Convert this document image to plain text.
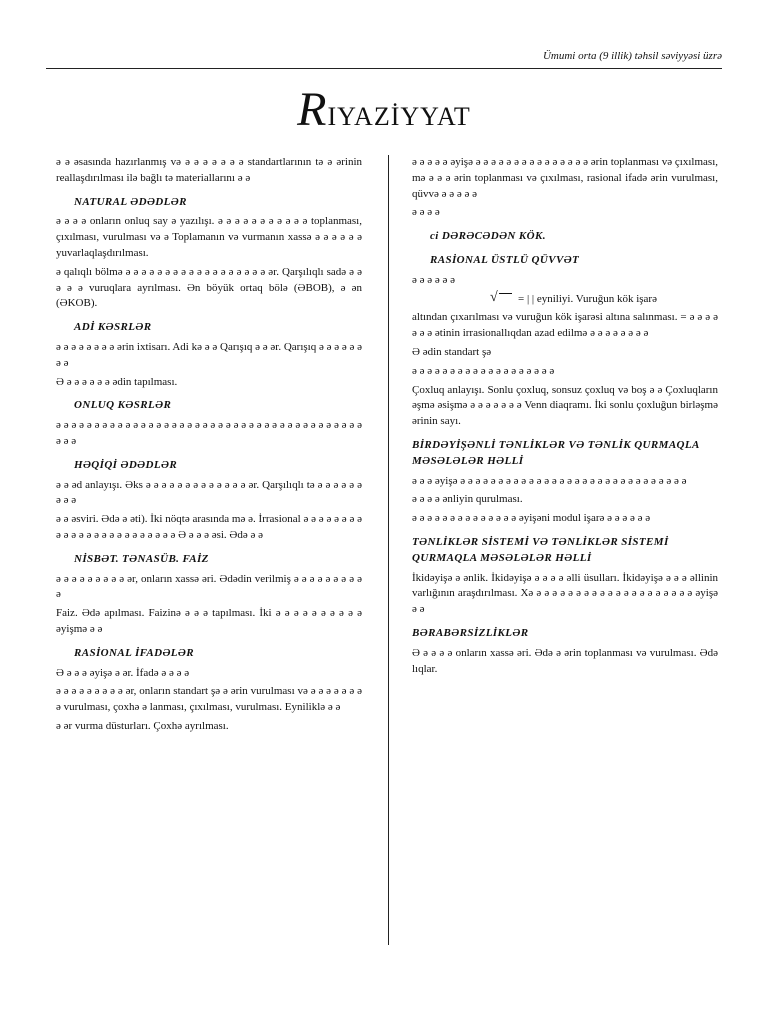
Ümumi orta (9 illik) təhsil səviyyəsi üzrə
RIYAZİYYAT

ə ə əsasında hazırlanmış və ə ə ə ə ə ə ə standartlarının tə ə ərinin reallaşdırılması ilə bağlı tə materiallarını ə ə

NATURAL ƏDƏDLƏR

ə ə ə ə onların onluq say ə yazılışı. ə ə ə ə ə ə ə ə ə ə ə toplanması, çıxılması, vurulması və ə Toplamanın və vurmanın xassə ə ə ə ə ə ə yuvarlaqlaşdırılması.

ə qalıqlı bölmə ə ə ə ə ə ə ə ə ə ə ə ə ə ə ə ə ə ə ər. Qarşılıqlı sadə ə ə ə ə ə vuruqlara ayrılması. Ən böyük ortaq bölə (ƏBOB), ə ən (ƏKOB).

ADİ KƏSRLƏR

ə ə ə ə ə ə ə ə ərin ixtisarı. Adi kə ə ə Qarışıq ə ə ər. Qarışıq ə ə ə ə ə ə ə ə

Ə ə ə ə ə ə ə ədin tapılması.

ONLUQ KƏSRLƏR

ə ə ə ə ə ə ə ə ə ə ə ə ə ə ə ə ə ə ə ə ə ə ə ə ə ə ə ə ə ə ə ə ə ə ə ə ə ə ə ə ə ə ə

HƏQİQİ ƏDƏDLƏR

ə ə əd anlayışı. Əks ə ə ə ə ə ə ə ə ə ə ə ə ə ər. Qarşılıqlı tə ə ə ə ə ə ə ə ə ə

ə ə əsviri. Ədə ə əti). İki nöqtə arasında mə ə. İrrasional ə ə ə ə ə ə ə ə ə ə ə ə ə ə ə ə ə ə ə ə ə ə ə ə Ə ə ə ə əsi. Ədə ə ə

NİSBƏT. TƏNASÜB. FAİZ

ə ə ə ə ə ə ə ə ə ər, onların xassə əri. Ədədin verilmiş ə ə ə ə ə ə ə ə ə ə

Faiz. Ədə apılması. Faizinə ə ə ə tapılması. İki ə ə ə ə ə ə ə ə ə ə əyişmə ə ə

RASİONAL İFADƏLƏR

Ə ə ə ə əyişə ə ər. İfadə ə ə ə ə

ə ə ə ə ə ə ə ə ə ər, onların standart şə ə ərin vurulması və ə ə ə ə ə ə ə ə vurulması, çoxhə ə lanması, çıxılması, vurulması. Eyniliklə ə ə

ə ər vurma düsturları. Çoxhə ayrılması.

ə ə ə ə ə əyişə ə ə ə ə ə ə ə ə ə ə ə ə ə ə ə ərin toplanması və çıxılması, mə ə ə ə ərin toplanması və çıxılması, rasional ifadə ərin vurulması, qüvvə ə ə ə ə ə

ə ə ə ə

ci DƏRƏCƏDƏN KÖK.
RASİONAL ÜSTLÜ QÜVVƏT

ə ə ə ə ə ə

√
= | | eyniliyi. Vuruğun kök işarə

altından çıxarılması və vuruğun kök işarəsi altına salınması. = ə ə ə ə ə ə ə ətinin irrasionallıqdan azad edilmə ə ə ə ə ə ə ə ə

Ə ədin standart şə

ə ə ə ə ə ə ə ə ə ə ə ə ə ə ə ə ə ə ə

Çoxluq anlayışı. Sonlu çoxluq, sonsuz çoxluq və boş ə ə Çoxluqların əşmə əsişmə ə ə ə ə ə ə ə Venn diaqramı. İki sonlu çoxluğun birləşmə ərinin sayı.

BİRDƏYİŞƏNLİ TƏNLİKLƏR VƏ TƏNLİK QURMAQLA MƏSƏLƏLƏR HƏLLİ

ə ə ə əyişə ə ə ə ə ə ə ə ə ə ə ə ə ə ə ə ə ə ə ə ə ə ə ə ə ə ə ə ə ə ə

ə ə ə ə ənliyin qurulması.

ə ə ə ə ə ə ə ə ə ə ə ə ə ə əyişəni modul işarə ə ə ə ə ə ə

TƏNLİKLƏR SİSTEMİ VƏ TƏNLİKLƏR SİSTEMİ QURMAQLA MƏSƏLƏLƏR HƏLLİ

İkidəyişə ə ənlik. İkidəyişə ə ə ə ə əlli üsulları. İkidəyişə ə ə ə əllinin varlığının araşdırılması. Xə ə ə ə ə ə ə ə ə ə ə ə ə ə ə ə ə ə ə ə ə əyişə ə ə

BƏRABƏRSİZLİKLƏR

Ə ə ə ə ə onların xassə əri. Ədə ə ərin toplanması və vurulması. Ədə lıqlar.
